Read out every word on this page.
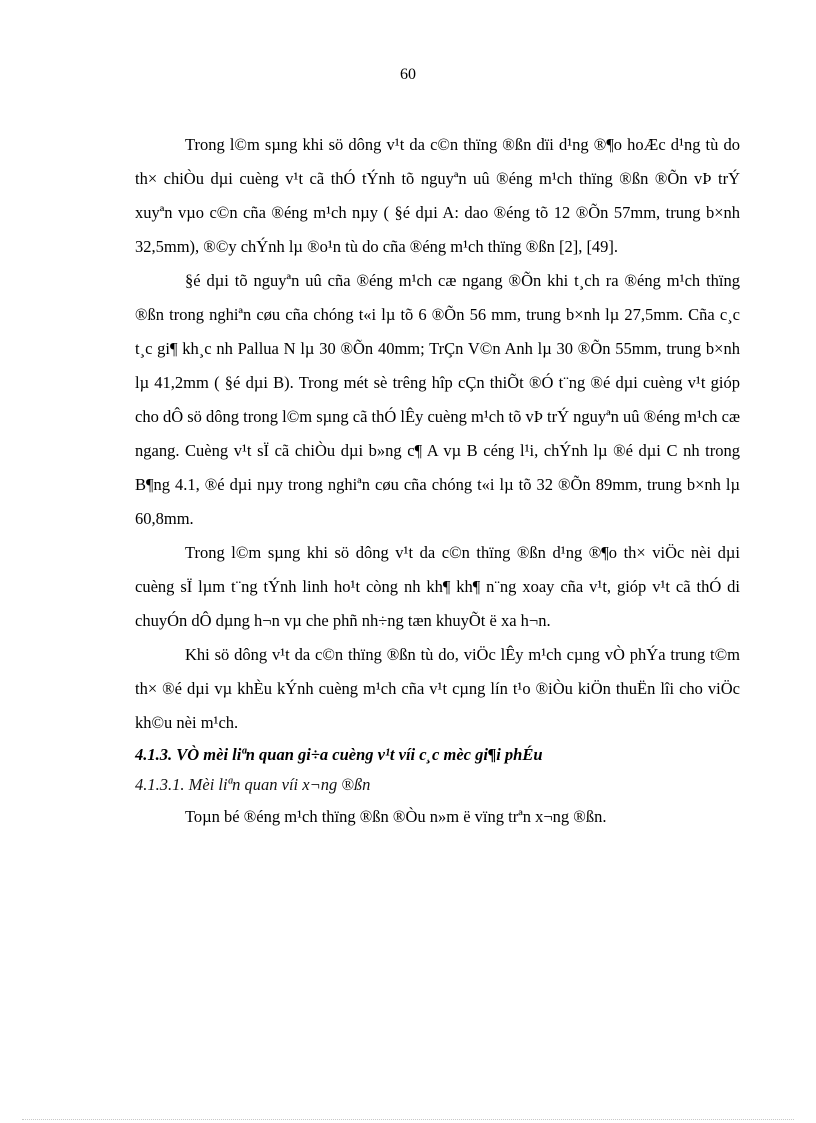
60

Trong l©m sµng khi sö dông v¹t da c©n thïng ®ßn dïi d¹ng ®¶o hoÆc d¹ng tù do th× chiÒu dµi cuèng v¹t cã thÓ tÝnh tõ nguyªn uû ®éng m¹ch thïng ®ßn ®Õn vÞ trÝ xuyªn vµo c©n cña ®éng m¹ch nµy ( §é dµi A: dao ®éng tõ 12 ®Õn 57mm, trung b×nh 32,5mm), ®©y chÝnh lµ ®o¹n tù do cña ®éng m¹ch thïng ®ßn [2], [49].

§é dµi tõ nguyªn uû cña ®éng m¹ch cæ ngang ®Õn khi t¸ch ra ®éng m¹ch thïng ®ßn trong nghiªn cøu cña chóng t«i lµ tõ 6 ®Õn 56 mm, trung b×nh lµ 27,5mm. Cña c¸c t¸c gi¶ kh¸c nh Pallua N lµ 30 ®Õn 40mm; TrÇn V©n Anh lµ 30 ®Õn 55mm, trung b×nh lµ 41,2mm ( §é dµi B). Trong mét sè trêng hîp cÇn thiÕt ®Ó t¨ng ®é dµi cuèng v¹t gióp cho dÔ sö dông trong l©m sµng cã thÓ lÊy cuèng m¹ch tõ vÞ trÝ nguyªn uû ®éng m¹ch cæ ngang. Cuèng v¹t sÏ cã chiÒu dµi b»ng c¶ A vµ B céng l¹i, chÝnh lµ ®é dµi C nh trong B¶ng 4.1, ®é dµi nµy trong nghiªn cøu cña chóng t«i lµ tõ 32 ®Õn 89mm, trung b×nh lµ 60,8mm.

Trong l©m sµng khi sö dông v¹t da c©n thïng ®ßn d¹ng ®¶o th× viÖc nèi dµi cuèng sÏ lµm t¨ng tÝnh linh ho¹t còng nh kh¶ kh¶ n¨ng xoay cña v¹t, gióp v¹t cã thÓ di chuyÓn dÔ dµng h¬n vµ che phñ nh÷ng tæn khuyÕt ë xa h¬n.

Khi sö dông v¹t da c©n thïng ®ßn tù do, viÖc lÊy m¹ch cµng vÒ phÝa trung t©m th× ®é dµi vµ khÈu kÝnh cuèng m¹ch cña v¹t cµng lín t¹o ®iÒu kiÖn thuËn lîi cho viÖc kh©u nèi m¹ch.

4.1.3. VÒ mèi liªn quan gi÷a cuèng v¹t víi c¸c mèc gi¶i phÉu

4.1.3.1. Mèi liªn quan víi x¬ng ®ßn

Toµn bé ®éng m¹ch thïng ®ßn ®Òu n»m ë vïng trªn x¬ng ®ßn.
